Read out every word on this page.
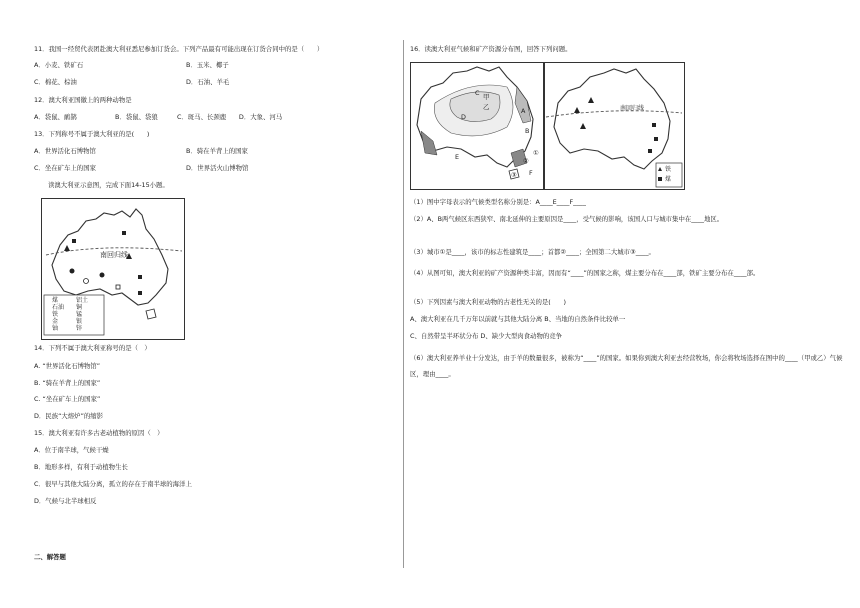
11．我国一经贸代表团赴澳大利亚悉尼参加订货会。下列产品最有可能出现在订货合同中的是（　　）
A．小麦、铁矿石	B．玉米、椰子
C．棉花、棕油	D．石油、羊毛
12．澳大利亚国徽上的两种动物是
A．袋鼠、鸸鹋　　　　　　B．袋鼠、袋狼　　　C．斑马、长颈鹿　　D．大象、河马
13．下列称号不属于澳大利亚的是(　　)
A．世界活化石博物馆	B．骑在羊背上的国家
C．坐在矿车上的国家	D．世界活火山博物馆
读澳大利亚示意图，完成下面14-15小题。
南回归线
煤	铝土
石油 铜
铁	锰
金	银
铀	锌
14．下列不属于澳大利亚称号的是（　）
A. “世界活化石博物馆”
B. “骑在羊背上的国家”
C. “坐在矿车上的国家”
D．民族“大熔炉”的缩影
15．澳大利亚有许多古老动植物的原因（　）
A．位于南半球，气候干燥
B．地形多样，有利于动植物生长
C．很早与其他大陆分离，孤立的存在于南半球的海洋上
D．气候与北半球相反
二、解答题
16．读澳大利亚气候和矿产资源分布图，回答下列问题。
C 甲
乙
D
B
A
E
F
①
②
③
南回归线
铁
煤
（1）图中字母表示的气候类型名称分别是：A____E____F____
（2）A、B两气候区东西狭窄、南北延伸的主要原因是____，受气候的影响，该国人口与城市集中在____地区。
（3）城市①是____，该市的标志性建筑是____；首都②____；全国第二大城市③____。
（4）从图可知，澳大利亚的矿产资源种类丰富，因而有“____”的国家之称，煤主要分布在____部，铁矿主要分布在____部。
（5）下列因素与澳大利亚动物的古老性无关的是(　　)
A、澳大利亚在几千万年以前就与其他大陆分离 B、当地的自然条件比较单一
C、自然带呈半环状分布 D、缺少大型肉食动物的竞争
（6）澳大利亚养羊业十分发达，由于羊的数量很多，被称为“____”的国家。如果你到澳大利亚去经营牧场，你会将牧场选择在图中的____（甲或乙）气候区，理由____。
